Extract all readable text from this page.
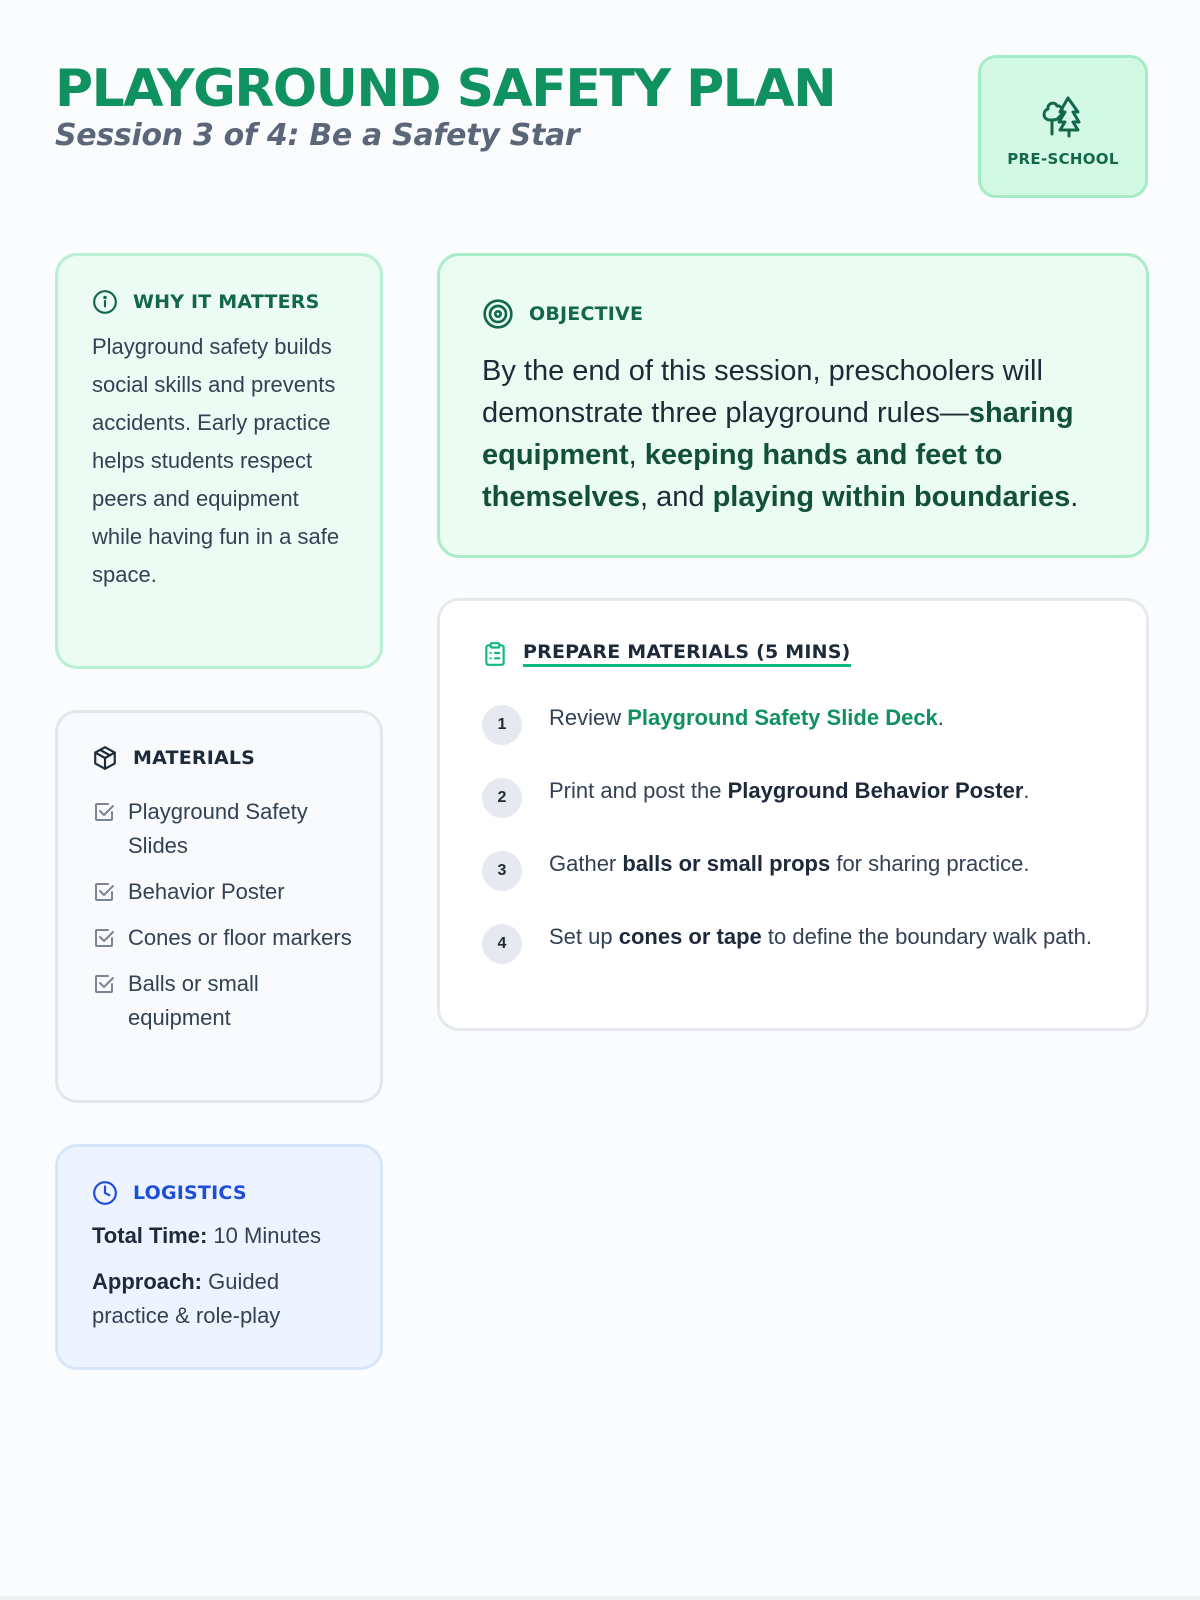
PLAYGROUND SAFETY PLAN
Session 3 of 4: Be a Safety Star
PRE-SCHOOL
WHY IT MATTERS

Playground safety builds social skills and prevents accidents. Early practice helps students respect peers and equipment while having fun in a safe space.

MATERIALS
Playground Safety Slides
Behavior Poster
Cones or floor markers
Balls or small equipment
LOGISTICS

Total Time: 10 Minutes

Approach: Guided practice & role-play

OBJECTIVE

By the end of this session, preschoolers will demonstrate three playground rules—sharing equipment, keeping hands and feet to themselves, and playing within boundaries.

PREPARE MATERIALS (5 MINS)
1	Review Playground Safety Slide Deck.
2	Print and post the Playground Behavior Poster.
3	Gather balls or small props for sharing practice.
4	Set up cones or tape to define the boundary walk path.
